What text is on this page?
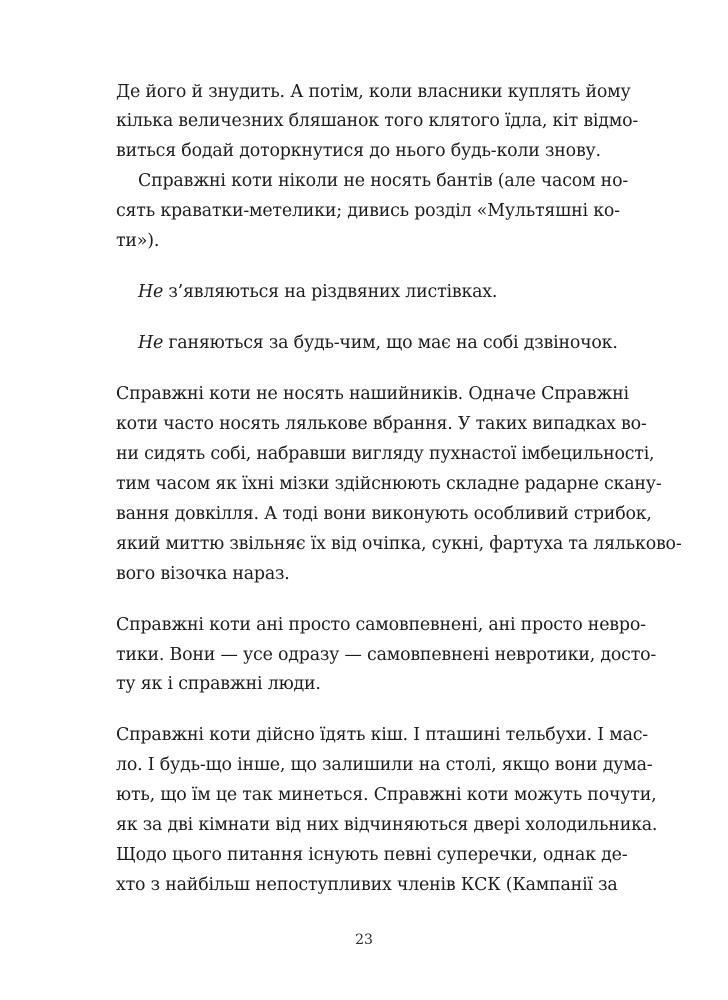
Де його й знудить. А потім, коли власники куплять йому
кілька величезних бляшанок того клятого їдла, кіт відмо-
виться бодай доторкнутися до нього будь-коли знову.
Справжні коти ніколи не носять бантів (але часом но-
сять краватки-метелики; дивись розділ «Мультяшні ко-
ти»).
Не з’являються на різдвяних листівках.
Не ганяються за будь-чим, що має на собі дзвіночок.
Справжні коти не носять нашийників. Одначе Справжні
коти часто носять лялькове вбрання. У таких випадках во-
ни сидять собі, набравши вигляду пухнастої імбецильності,
тим часом як їхні мізки здійснюють складне радарне скану-
вання довкілля. А тоді вони виконують особливий стрибок,
який миттю звільняє їх від очіпка, сукні, фартуха та ляльково-
вого візочка нараз.
Справжні коти ані просто самовпевнені, ані просто невро-
тики. Вони — усе одразу — самовпевнені невротики, досто-
ту як і справжні люди.
Справжні коти дійсно їдять кіш. І пташині тельбухи. І мас-
ло. І будь-що інше, що залишили на столі, якщо вони дума-
ють, що їм це так минеться. Справжні коти можуть почути,
як за дві кімнати від них відчиняються двері холодильника.
Щодо цього питання існують певні суперечки, однак де-
хто з найбільш непоступливих членів КСК (Кампанії за
23
